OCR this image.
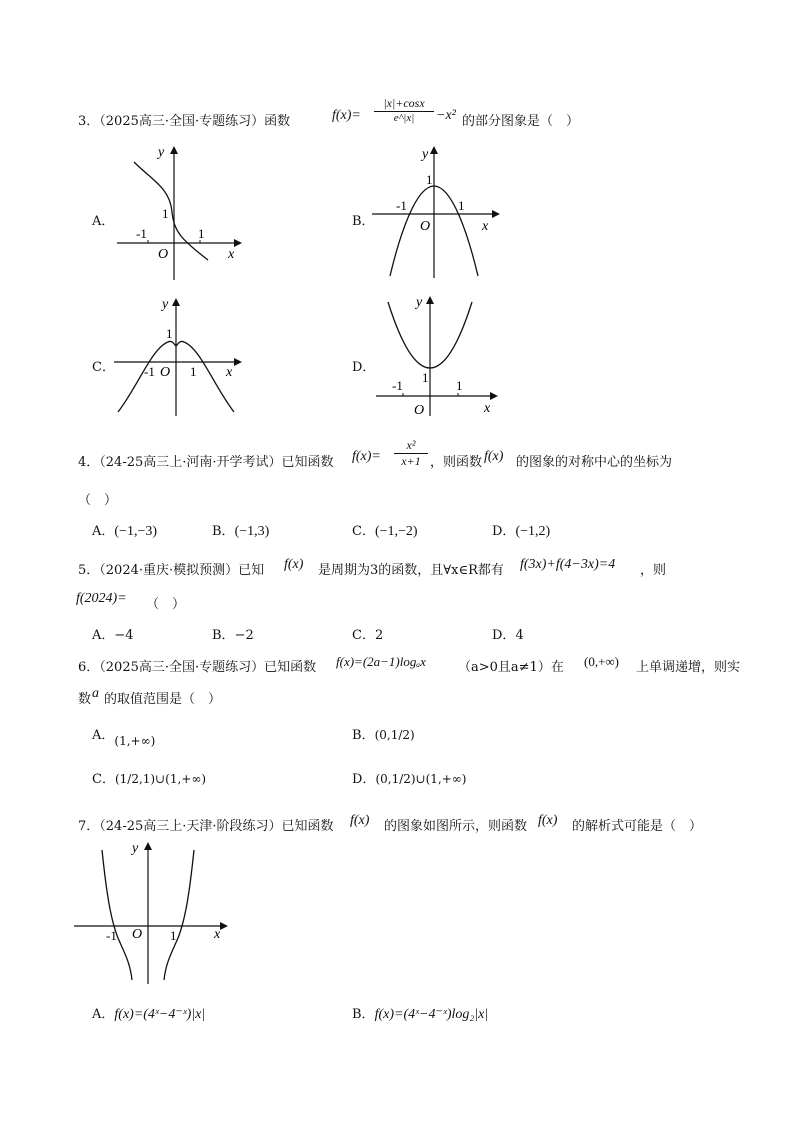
3．（2025高三·全国·专题练习）函数	$f(x)= \frac{|x|+\cos x}{e\^{}|x|} -x^2$ 的部分图象是（　）
A．
-1	1
1
x
y
O
B．
-1	1
1
x
y
O
C． -1	1
1
x
y
O	D．
-1	1
1
x
y
O
4．（24-25高三上·河南·开学考试）已知函数 $f(x)= \frac{\text{x²}}{x+1}$ ，则函数 f(x) 的图象的对称中心的坐标为
（　）
A．(−1,−3)	B．(−1,3)	C．(−1,−2)	D．(−1,2)
5．（2024·重庆·模拟预测）已知 f(x) 是周期为3的函数，且∀x∈R都有 f(3x)+f(4−3x)=4 ，则
f(2024)= （　）
A．−4	B．−2	C．2	D．4
6．（2025高三·全国·专题练习）已知函数 f(x)=(2a−1)logₐx （a>0且a≠1）在 (0,+∞) 上单调递增，则实
数 a 的取值范围是（　）
A．(1,+∞)	B．(0,1/2)
C．(1/2,1)∪(1,+∞)	D．(0,1/2)∪(1,+∞)
7．（24-25高三上·天津·阶段练习）已知函数 f(x) 的图象如图所示，则函数 f(x) 的解析式可能是（　）
-1	1	x
y
O
A．f(x)=(4ˣ−4⁻ˣ)|x|	B．f(x)=(4ˣ−4⁻ˣ)log₂|x|
